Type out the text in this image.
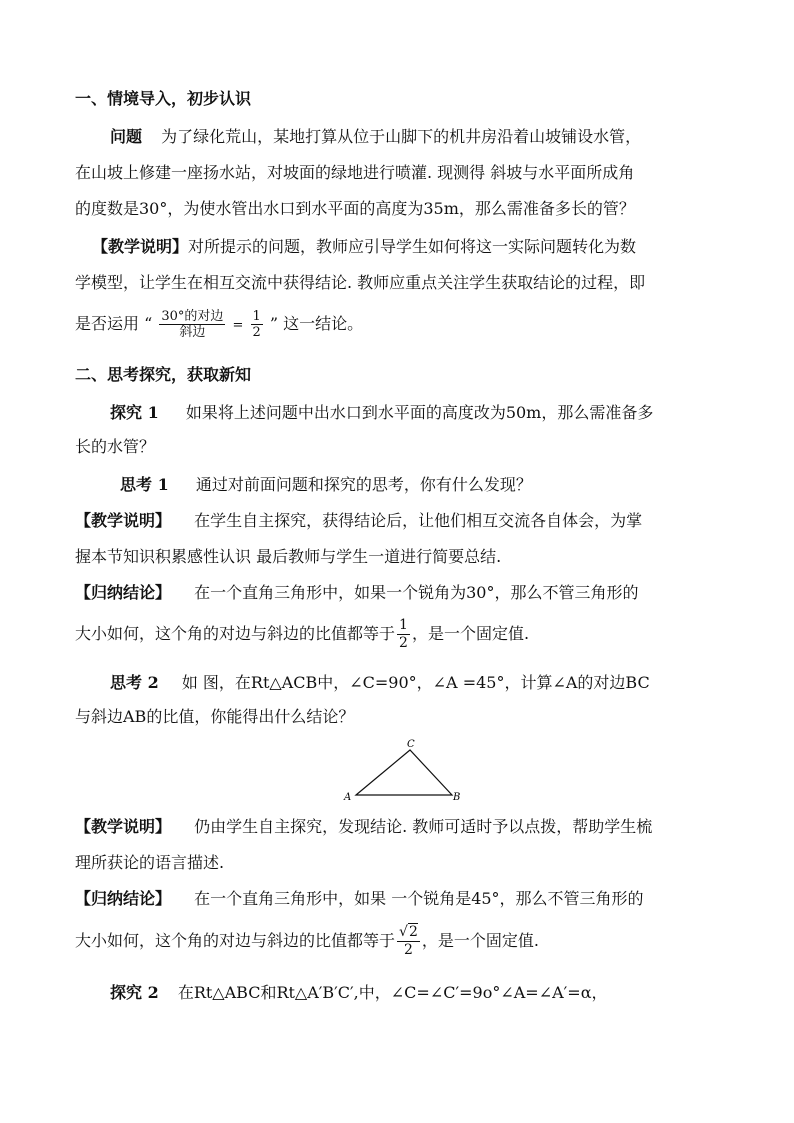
一、情境导入，初步认识
问题 为了绿化荒山，某地打算从位于山脚下的机井房沿着山坡铺设水管，
在山坡上修建一座扬水站，对坡面的绿地进行喷灌. 现测得 斜坡与水平面所成角
的度数是30°，为使水管出水口到水平面的高度为35m，那么需准备多长的管？
【教学说明】对所提示的问题，教师应引导学生如何将这一实际问题转化为数
学模型，让学生在相互交流中获得结论. 教师应重点关注学生获取结论的过程，即
是否运用 “ $\frac{\text{30°的对边}}{\text{斜边}} = \frac{1}{2}$ ” 这一结论。
二、思考探究，获取新知
探究 1 如果将上述问题中出水口到水平面的高度改为50m，那么需准备多
长的水管？
思考 1 通过对前面问题和探究的思考，你有什么发现？
【教学说明】 在学生自主探究，获得结论后，让他们相互交流各自体会，为掌
握本节知识积累感性认识 最后教师与学生一道进行简要总结.
【归纳结论】 在一个直角三角形中，如果一个锐角为30°，那么不管三角形的
大小如何，这个角的对边与斜边的比值都等于 $\frac{1}{2}$ ，是一个固定值.
思考 2 如 图，在Rt△ACB中，∠C=90°，∠A =45°，计算∠A的对边BC
与斜边AB的比值，你能得出什么结论？
A	B
C
【教学说明】 仍由学生自主探究，发现结论. 教师可适时予以点拨，帮助学生梳
理所获论的语言描述.
【归纳结论】 在一个直角三角形中，如果 一个锐角是45°，那么不管三角形的
大小如何，这个角的对边与斜边的比值都等于 $\frac{√2}{2}$ ，是一个固定值.
探究 2 在Rt△ABC和Rt△A′B′C′,中，∠C=∠C′=9o°∠A=∠A′=α，
